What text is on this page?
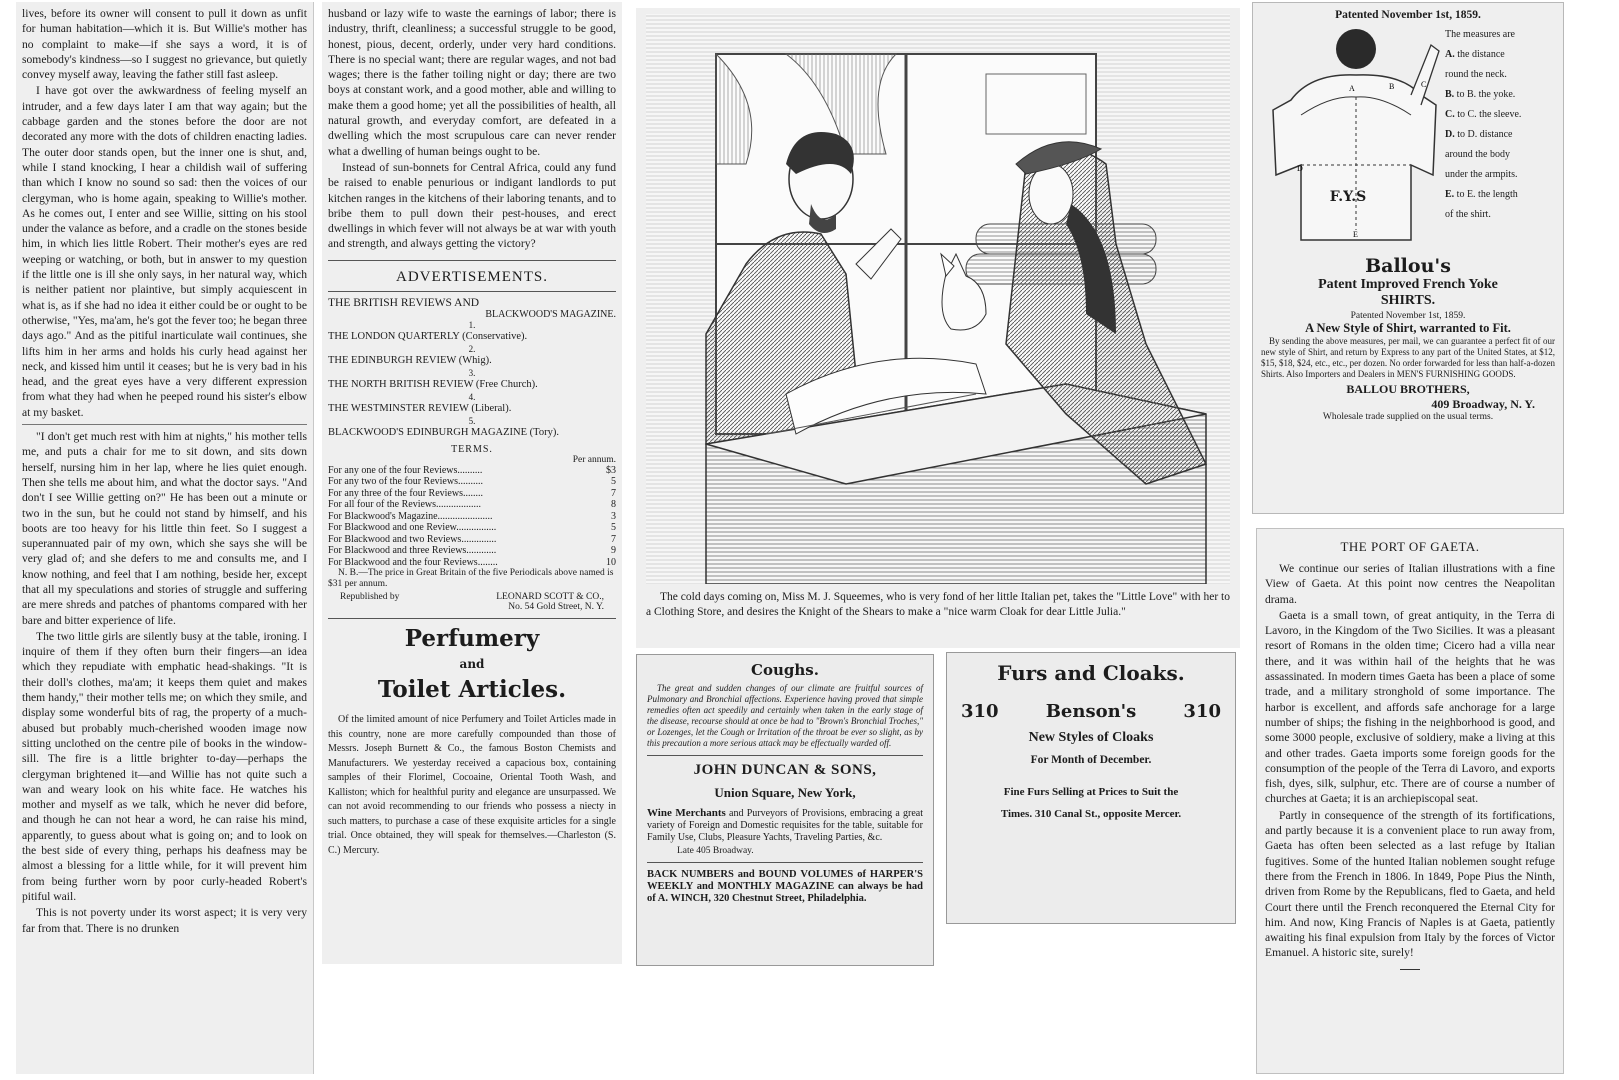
lives, before its owner will consent to pull it down as unfit for human habitation—which it is. But Willie's mother has no complaint to make—if she says a word, it is of somebody's kindness—so I suggest no grievance, but quietly convey myself away, leaving the father still fast asleep.

I have got over the awkwardness of feeling myself an intruder, and a few days later I am that way again; but the cabbage garden and the stones before the door are not decorated any more with the dots of children enacting ladies. The outer door stands open, but the inner one is shut, and, while I stand knocking, I hear a childish wail of suffering than which I know no sound so sad: then the voices of our clergyman, who is home again, speaking to Willie's mother. As he comes out, I enter and see Willie, sitting on his stool under the valance as before, and a cradle on the stones beside him, in which lies little Robert. Their mother's eyes are red weeping or watching, or both, but in answer to my question if the little one is ill she only says, in her natural way, which is neither patient nor plaintive, but simply acquiescent in what is, as if she had no idea it either could be or ought to be otherwise, "Yes, ma'am, he's got the fever too; he began three days ago." And as the pitiful inarticulate wail continues, she lifts him in her arms and holds his curly head against her neck, and kissed him until it ceases; but he is very bad in his head, and the great eyes have a very different expression from what they had when he peeped round his sister's elbow at my basket.

"I don't get much rest with him at nights," his mother tells me, and puts a chair for me to sit down, and sits down herself, nursing him in her lap, where he lies quiet enough. Then she tells me about him, and what the doctor says. "And don't I see Willie getting on?" He has been out a minute or two in the sun, but he could not stand by himself, and his boots are too heavy for his little thin feet. So I suggest a superannuated pair of my own, which she says she will be very glad of; and she defers to me and consults me, and I know nothing, and feel that I am nothing, beside her, except that all my speculations and stories of struggle and suffering are mere shreds and patches of phantoms compared with her bare and bitter experience of life.

The two little girls are silently busy at the table, ironing. I inquire of them if they often burn their fingers—an idea which they repudiate with emphatic head-shakings. "It is their doll's clothes, ma'am; it keeps them quiet and makes them handy," their mother tells me; on which they smile, and display some wonderful bits of rag, the property of a much-abused but probably much-cherished wooden image now sitting unclothed on the centre pile of books in the window-sill. The fire is a little brighter to-day—perhaps the clergyman brightened it—and Willie has not quite such a wan and weary look on his white face. He watches his mother and myself as we talk, which he never did before, and though he can not hear a word, he can raise his mind, apparently, to guess about what is going on; and to look on the best side of every thing, perhaps his deafness may be almost a blessing for a little while, for it will prevent him from being further worn by poor curly-headed Robert's pitiful wail.

This is not poverty under its worst aspect; it is very very far from that. There is no drunken

husband or lazy wife to waste the earnings of labor; there is industry, thrift, cleanliness; a successful struggle to be good, honest, pious, decent, orderly, under very hard conditions. There is no special want; there are regular wages, and not bad wages; there is the father toiling night or day; there are two boys at constant work, and a good mother, able and willing to make them a good home; yet all the possibilities of health, all natural growth, and everyday comfort, are defeated in a dwelling which the most scrupulous care can never render what a dwelling of human beings ought to be.

Instead of sun-bonnets for Central Africa, could any fund be raised to enable penurious or indigant landlords to put kitchen ranges in the kitchens of their laboring tenants, and to bribe them to pull down their pest-houses, and erect dwellings in which fever will not always be at war with youth and strength, and always getting the victory?

ADVERTISEMENTS.
THE BRITISH REVIEWS AND
BLACKWOOD'S MAGAZINE.
1.
THE LONDON QUARTERLY (Conservative).
2.
THE EDINBURGH REVIEW (Whig).
3.
THE NORTH BRITISH REVIEW (Free Church).
4.
THE WESTMINSTER REVIEW (Liberal).
5.
BLACKWOOD'S EDINBURGH MAGAZINE (Tory).
TERMS.
Per annum.
For any one of the four Reviews..........	$3
For any two of the four Reviews..........	5
For any three of the four Reviews........	7
For all four of the Reviews..................	8
For Blackwood's Magazine......................	3
For Blackwood and one Review................	5
For Blackwood and two Reviews..............	7
For Blackwood and three Reviews............	9
For Blackwood and the four Reviews........	10
N. B.—The price in Great Britain of the five Periodicals above named is $31 per annum.
Republished by	LEONARD SCOTT & CO.,
No. 54 Gold Street, N. Y.
Perfumery
and
Toilet Articles.
Of the limited amount of nice Perfumery and Toilet Articles made in this country, none are more carefully compounded than those of Messrs. Joseph Burnett & Co., the famous Boston Chemists and Manufacturers. We yesterday received a capacious box, containing samples of their Florimel, Cocoaine, Oriental Tooth Wash, and Kalliston; which for healthful purity and elegance are unsurpassed. We can not avoid recommending to our friends who possess a niecty in such matters, to purchase a case of these exquisite articles for a single trial. Once obtained, they will speak for themselves.—Charleston (S. C.) Mercury.
The cold days coming on, Miss M. J. Squeemes, who is very fond of her little Italian pet, takes the "Little Love" with her to a Clothing Store, and desires the Knight of the Shears to make a "nice warm Cloak for dear Little Julia."
Coughs.
The great and sudden changes of our climate are fruitful sources of Pulmonary and Bronchial affections. Experience having proved that simple remedies often act speedily and certainly when taken in the early stage of the disease, recourse should at once be had to "Brown's Bronchial Troches," or Lozenges, let the Cough or Irritation of the throat be ever so slight, as by this precaution a more serious attack may be effectually warded off.
JOHN DUNCAN & SONS,
Union Square, New York,
Wine Merchants and Purveyors of Provisions, embracing a great variety of Foreign and Domestic requisites for the table, suitable for Family Use, Clubs, Pleasure Yachts, Traveling Parties, &c.
Late 405 Broadway.
BACK NUMBERS and BOUND VOLUMES of HARPER'S WEEKLY and MONTHLY MAGAZINE can always be had of A. WINCH, 320 Chestnut Street, Philadelphia.
Furs and Cloaks.
310	Benson's	310
New Styles of Cloaks
For Month of December.
Fine Furs Selling at Prices to Suit the
Times. 310 Canal St., opposite Mercer.
Patented November 1st, 1859.
A	B	C
D
E
The measures are
A. the distance
round the neck.
B. to B. the yoke.
C. to C. the sleeve.
D. to D. distance
around the body
under the armpits.
E. to E. the length
of the shirt.
F.Y.S
Ballou's
Patent Improved French Yoke
SHIRTS.
Patented November 1st, 1859.
A New Style of Shirt, warranted to Fit.
By sending the above measures, per mail, we can guarantee a perfect fit of our new style of Shirt, and return by Express to any part of the United States, at $12, $15, $18, $24, etc., etc., per dozen. No order forwarded for less than half-a-dozen Shirts. Also Importers and Dealers in MEN'S FURNISHING GOODS.
BALLOU BROTHERS,
409 Broadway, N. Y.
Wholesale trade supplied on the usual terms.
THE PORT OF GAETA.

We continue our series of Italian illustrations with a fine View of Gaeta. At this point now centres the Neapolitan drama.

Gaeta is a small town, of great antiquity, in the Terra di Lavoro, in the Kingdom of the Two Sicilies. It was a pleasant resort of Romans in the olden time; Cicero had a villa near there, and it was within hail of the heights that he was assassinated. In modern times Gaeta has been a place of some trade, and a military stronghold of some importance. The harbor is excellent, and affords safe anchorage for a large number of ships; the fishing in the neighborhood is good, and some 3000 people, exclusive of soldiery, make a living at this and other trades. Gaeta imports some foreign goods for the consumption of the people of the Terra di Lavoro, and exports fish, dyes, silk, sulphur, etc. There are of course a number of churches at Gaeta; it is an archiepiscopal seat.

Partly in consequence of the strength of its fortifications, and partly because it is a convenient place to run away from, Gaeta has often been selected as a last refuge by Italian fugitives. Some of the hunted Italian noblemen sought refuge there from the French in 1806. In 1849, Pope Pius the Ninth, driven from Rome by the Republicans, fled to Gaeta, and held Court there until the French reconquered the Eternal City for him. And now, King Francis of Naples is at Gaeta, patiently awaiting his final expulsion from Italy by the forces of Victor Emanuel. A historic site, surely!
